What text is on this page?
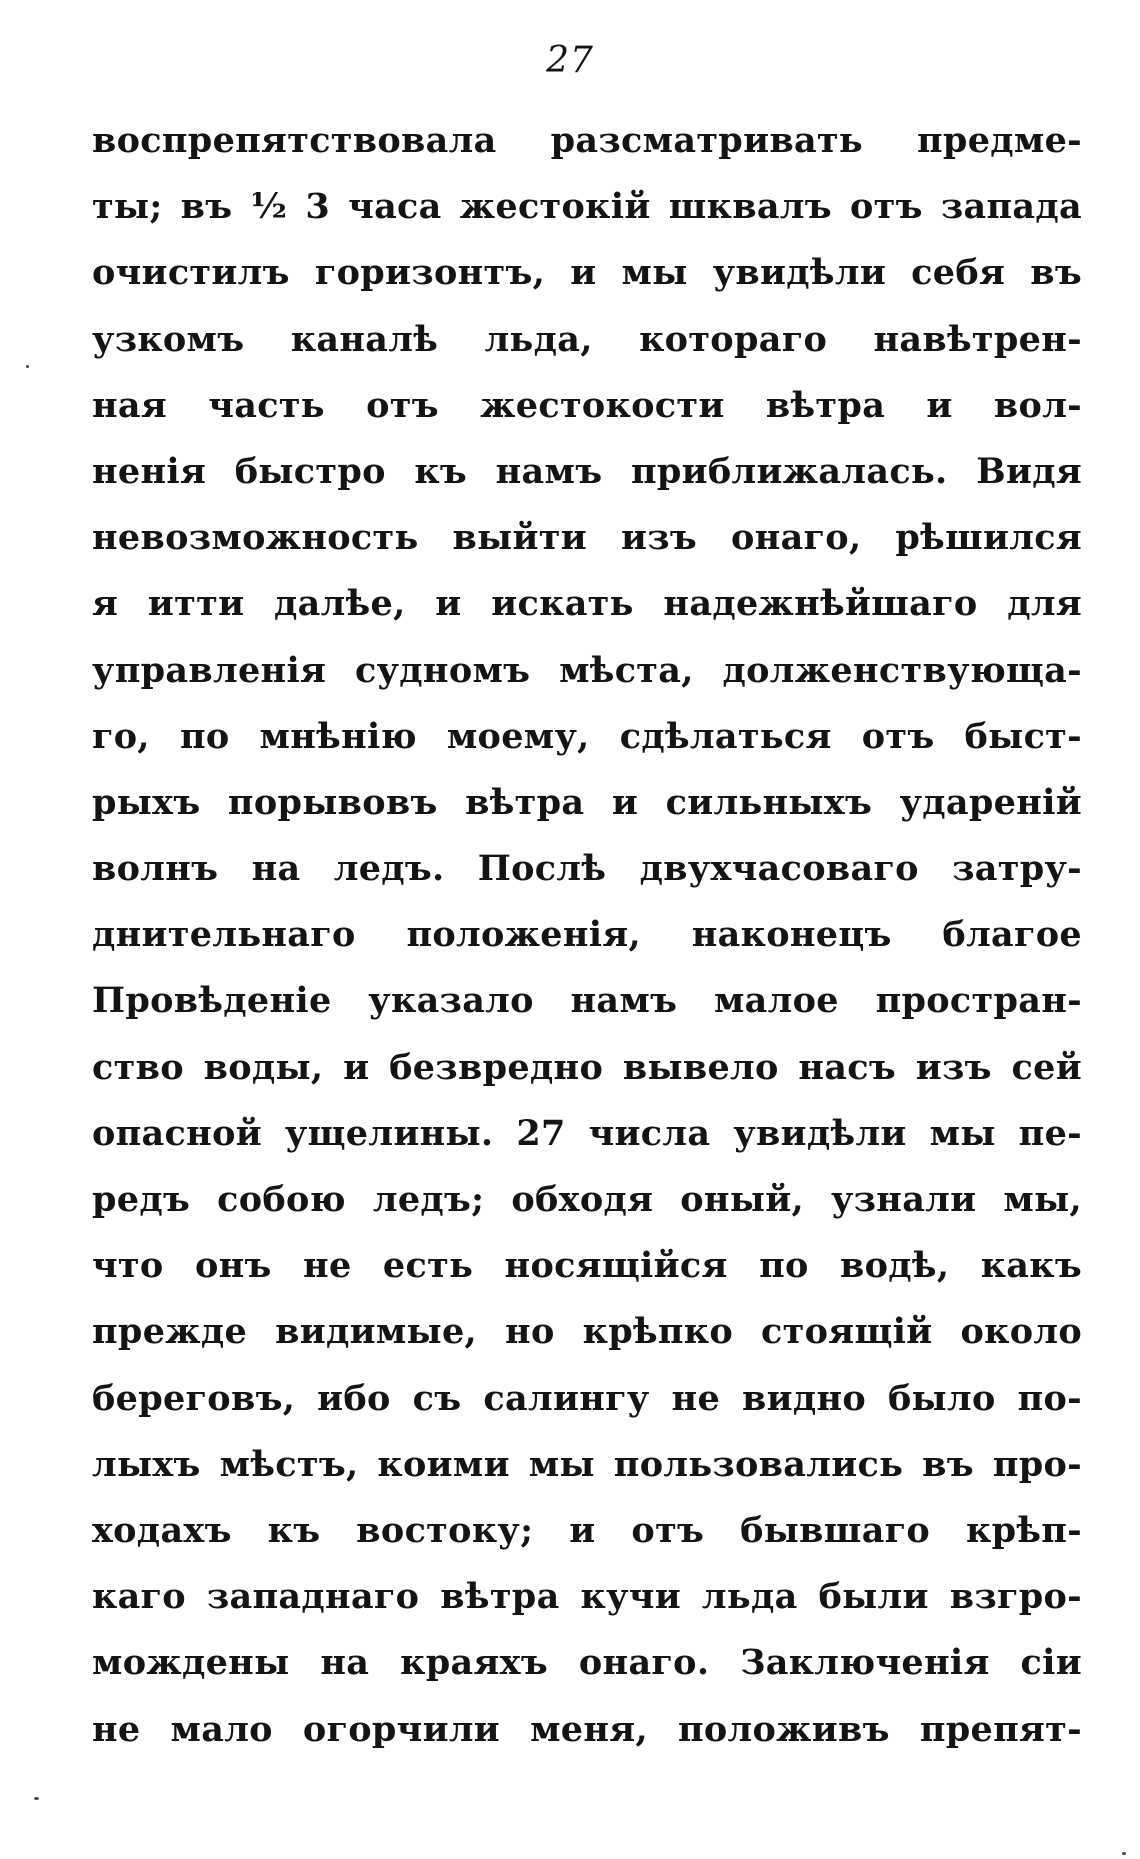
27
воспрепятствовала разсматривать предме-
ты; въ ½ 3 часа жестокій шквалъ отъ запада
очистилъ горизонтъ, и мы увидѣли себя въ
узкомъ каналѣ льда, котораго навѣтрен-
ная часть отъ жестокости вѣтра и вол-
ненія быстро къ намъ приближалась. Видя
невозможность выйти изъ онаго, рѣшился
я итти далѣе, и искать надежнѣйшаго для
управленія судномъ мѣста, долженствующа-
го, по мнѣнію моему, сдѣлаться отъ быст-
рыхъ порывовъ вѣтра и сильныхъ удареній
волнъ на ледъ. Послѣ двухчасоваго затру-
днительнаго положенія, наконецъ благое
Провѣденіе указало намъ малое простран-
ство воды, и безвредно вывело насъ изъ сей
опасной ущелины. 27 числа увидѣли мы пе-
редъ собою ледъ; обходя оный, узнали мы,
что онъ не есть носящійся по водѣ, какъ
прежде видимые, но крѣпко стоящій около
береговъ, ибо съ салингу не видно было по-
лыхъ мѣстъ, коими мы пользовались въ про-
ходахъ къ востоку; и отъ бывшаго крѣп-
каго западнаго вѣтра кучи льда были взгро-
мождены на краяхъ онаго. Заключенія сіи
не мало огорчили меня, положивъ препят-
